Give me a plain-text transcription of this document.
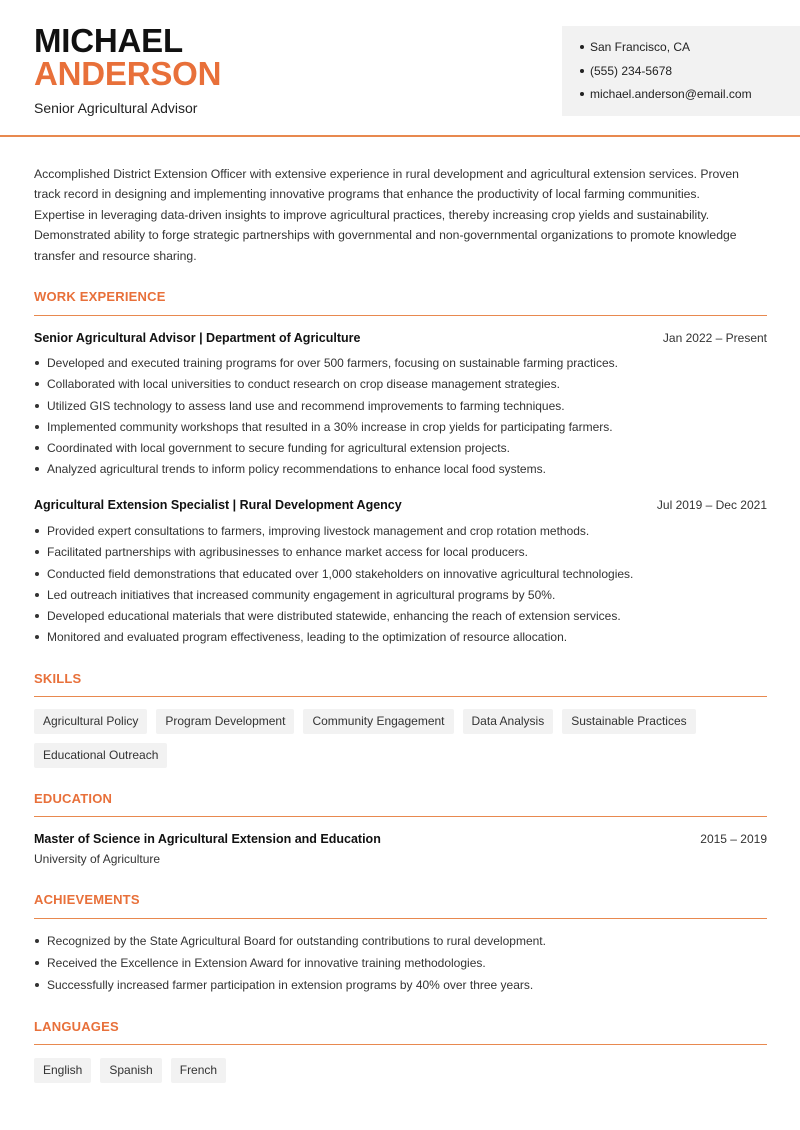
MICHAEL
ANDERSON
Senior Agricultural Advisor
San Francisco, CA
(555) 234-5678
michael.anderson@email.com

Accomplished District Extension Officer with extensive experience in rural development and agricultural extension services. Proven track record in designing and implementing innovative programs that enhance the productivity of local farming communities. Expertise in leveraging data-driven insights to improve agricultural practices, thereby increasing crop yields and sustainability. Demonstrated ability to forge strategic partnerships with governmental and non-governmental organizations to promote knowledge transfer and resource sharing.

WORK EXPERIENCE
Senior Agricultural Advisor | Department of Agriculture	Jan 2022 – Present
Developed and executed training programs for over 500 farmers, focusing on sustainable farming practices.
Collaborated with local universities to conduct research on crop disease management strategies.
Utilized GIS technology to assess land use and recommend improvements to farming techniques.
Implemented community workshops that resulted in a 30% increase in crop yields for participating farmers.
Coordinated with local government to secure funding for agricultural extension projects.
Analyzed agricultural trends to inform policy recommendations to enhance local food systems.
Agricultural Extension Specialist | Rural Development Agency	Jul 2019 – Dec 2021
Provided expert consultations to farmers, improving livestock management and crop rotation methods.
Facilitated partnerships with agribusinesses to enhance market access for local producers.
Conducted field demonstrations that educated over 1,000 stakeholders on innovative agricultural technologies.
Led outreach initiatives that increased community engagement in agricultural programs by 50%.
Developed educational materials that were distributed statewide, enhancing the reach of extension services.
Monitored and evaluated program effectiveness, leading to the optimization of resource allocation.
SKILLS
Agricultural Policy	Program Development	Community Engagement	Data Analysis	Sustainable Practices
Educational Outreach
EDUCATION
Master of Science in Agricultural Extension and Education	2015 – 2019
University of Agriculture
ACHIEVEMENTS
Recognized by the State Agricultural Board for outstanding contributions to rural development.
Received the Excellence in Extension Award for innovative training methodologies.
Successfully increased farmer participation in extension programs by 40% over three years.
LANGUAGES
English	Spanish	French
